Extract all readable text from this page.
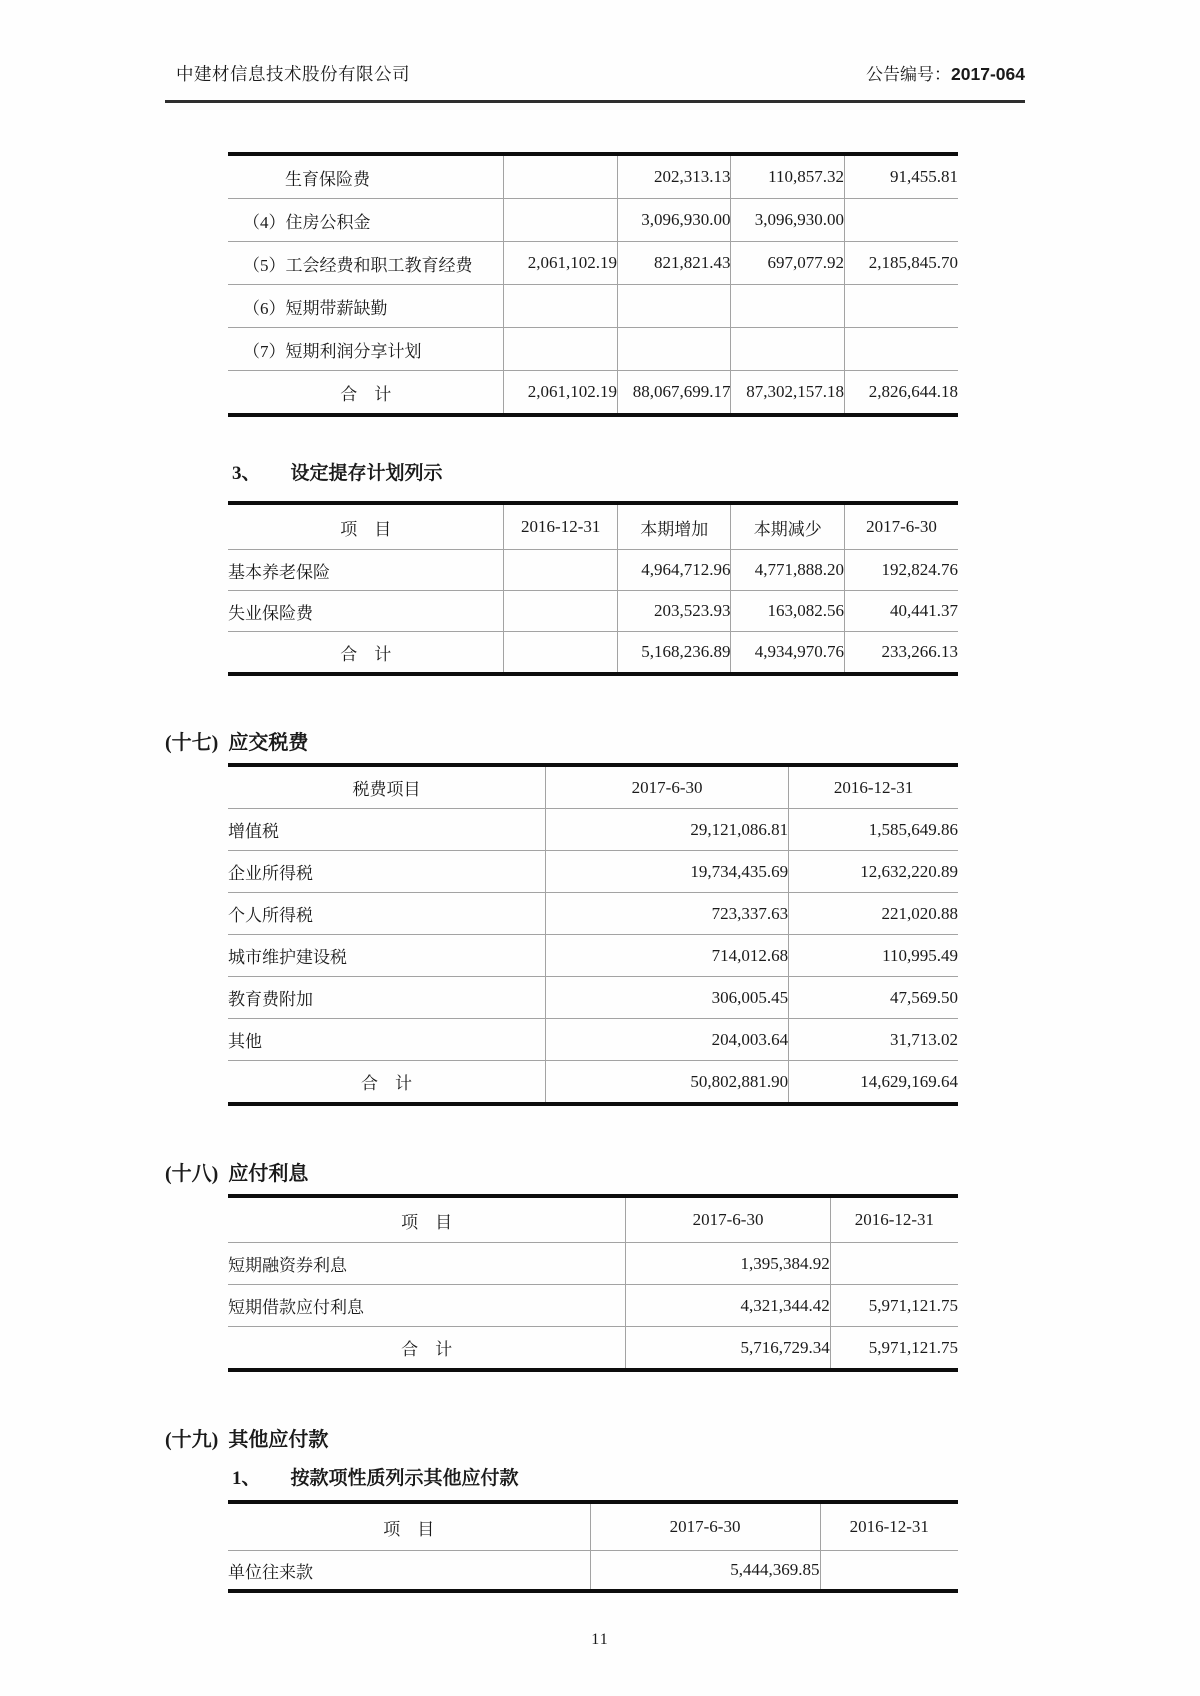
中建材信息技术股份有限公司	公告编号：2017-064
生育保险费		202,313.13	110,857.32	91,455.81
（4）住房公积金		3,096,930.00	3,096,930.00	
（5）工会经费和职工教育经费	2,061,102.19	821,821.43	697,077.92	2,185,845.70
（6）短期带薪缺勤				
（7）短期利润分享计划				
合　计	2,061,102.19	88,067,699.17	87,302,157.18	2,826,644.18
3、 设定提存计划列示
项　目	2016-12-31	本期增加	本期减少	2017-6-30
基本养老保险		4,964,712.96	4,771,888.20	192,824.76
失业保险费		203,523.93	163,082.56	40,441.37
合　计		5,168,236.89	4,934,970.76	233,266.13
(十七) 应交税费
税费项目	2017-6-30	2016-12-31
增值税	29,121,086.81	1,585,649.86
企业所得税	19,734,435.69	12,632,220.89
个人所得税	723,337.63	221,020.88
城市维护建设税	714,012.68	110,995.49
教育费附加	306,005.45	47,569.50
其他	204,003.64	31,713.02
合　计	50,802,881.90	14,629,169.64
(十八) 应付利息
项　目	2017-6-30	2016-12-31
短期融资券利息	1,395,384.92	
短期借款应付利息	4,321,344.42	5,971,121.75
合　计	5,716,729.34	5,971,121.75
(十九) 其他应付款
1、 按款项性质列示其他应付款
项　目	2017-6-30	2016-12-31
单位往来款	5,444,369.85	
11
